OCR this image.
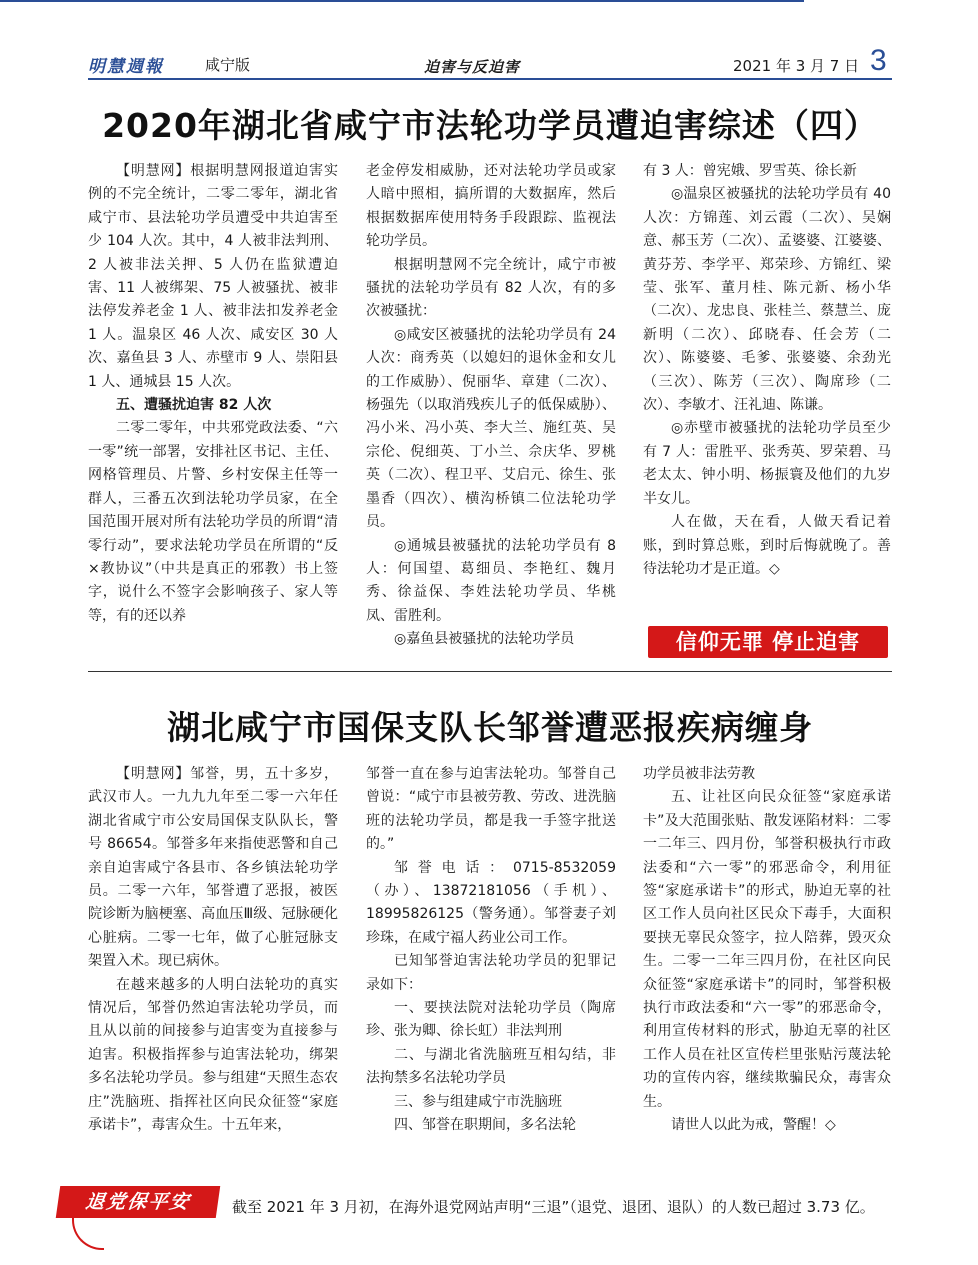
明慧週報	咸宁版	迫害与反迫害	2021 年 3 月 7 日 3
2020年湖北省咸宁市法轮功学员遭迫害综述（四）

【明慧网】根据明慧网报道迫害实例的不完全统计，二零二零年，湖北省咸宁市、县法轮功学员遭受中共迫害至少 104 人次。其中，4 人被非法判刑、2 人被非法关押、5 人仍在监狱遭迫害、11 人被绑架、75 人被骚扰、被非法停发养老金 1 人、被非法扣发养老金 1 人。温泉区 46 人次、咸安区 30 人次、嘉鱼县 3 人、赤壁市 9 人、崇阳县 1 人、通城县 15 人次。

五、遭骚扰迫害 82 人次

二零二零年，中共邪党政法委、“六一零”统一部署，安排社区书记、主任、网格管理员、片警、乡村安保主任等一群人，三番五次到法轮功学员家，在全国范围开展对所有法轮功学员的所谓“清零行动”，要求法轮功学员在所谓的“反×教协议”（中共是真正的邪教）书上签字，说什么不签字会影响孩子、家人等等，有的还以养

老金停发相威胁，还对法轮功学员或家人暗中照相，搞所谓的大数据库，然后根据数据库使用特务手段跟踪、监视法轮功学员。

根据明慧网不完全统计，咸宁市被骚扰的法轮功学员有 82 人次，有的多次被骚扰：

◎咸安区被骚扰的法轮功学员有 24 人次：商秀英（以媳妇的退休金和女儿的工作威胁）、倪丽华、章建（二次）、杨强先（以取消残疾儿子的低保威胁）、冯小米、冯小英、李大兰、施红英、吴宗伦、倪细英、丁小兰、佘庆华、罗桃英（二次）、程卫平、艾启元、徐生、张墨香（四次）、横沟桥镇二位法轮功学员。

◎通城县被骚扰的法轮功学员有 8 人：何国望、葛细员、李艳红、魏月秀、徐益保、李姓法轮功学员、华桃凤、雷胜利。

◎嘉鱼县被骚扰的法轮功学员

有 3 人：曾宪娥、罗雪英、徐长新

◎温泉区被骚扰的法轮功学员有 40 人次：方锦莲、刘云霞（二次）、吴娴意、郝玉芳（二次）、孟婆婆、江婆婆、黄芬芳、李学平、郑荣珍、方锦红、梁莹、张军、董月桂、陈元新、杨小华（二次）、龙忠良、张桂兰、蔡慧兰、庞新明（二次）、邱晓春、任会芳（二次）、陈婆婆、毛爹、张婆婆、余劲光（三次）、陈芳（三次）、陶席珍（二次）、李敏才、汪礼迪、陈谦。

◎赤壁市被骚扰的法轮功学员至少有 7 人：雷胜平、张秀英、罗荣碧、马老太太、钟小明、杨振寰及他们的九岁半女儿。

人在做，天在看，人做天看记着账，到时算总账，到时后悔就晚了。善待法轮功才是正道。◇

信仰无罪 停止迫害
湖北咸宁市国保支队长邹誉遭恶报疾病缠身

【明慧网】邹誉，男，五十多岁，武汉市人。一九九九年至二零一六年任湖北省咸宁市公安局国保支队队长，警号 86654。邹誉多年来指使恶警和自己亲自迫害咸宁各县市、各乡镇法轮功学员。二零一六年，邹誉遭了恶报，被医院诊断为脑梗塞、高血压Ⅲ级、冠脉硬化心脏病。二零一七年，做了心脏冠脉支架置入术。现已病休。

在越来越多的人明白法轮功的真实情况后，邹誉仍然迫害法轮功学员，而且从以前的间接参与迫害变为直接参与迫害。积极指挥参与迫害法轮功，绑架多名法轮功学员。参与组建“天照生态农庄”洗脑班、指挥社区向民众征签“家庭承诺卡”，毒害众生。十五年来，

邹誉一直在参与迫害法轮功。邹誉自己曾说：“咸宁市县被劳教、劳改、进洗脑班的法轮功学员，都是我一手签字批送的。”

邹誉电话：0715-8532059（办）、13872181056（手机）、18995826125（警务通）。邹誉妻子刘珍珠，在咸宁福人药业公司工作。

已知邹誉迫害法轮功学员的犯罪记录如下：

一、要挟法院对法轮功学员（陶席珍、张为卿、徐长虹）非法判刑

二、与湖北省洗脑班互相勾结，非法拘禁多名法轮功学员

三、参与组建咸宁市洗脑班

四、邹誉在职期间，多名法轮

功学员被非法劳教

五、让社区向民众征签“家庭承诺卡”及大范围张贴、散发诬陷材料：二零一二年三、四月份，邹誉积极执行市政法委和“六一零”的邪恶命令，利用征签“家庭承诺卡”的形式，胁迫无辜的社区工作人员向社区民众下毒手，大面积要挟无辜民众签字，拉人陪葬，毁灭众生。二零一二年三四月份，在社区向民众征签“家庭承诺卡”的同时，邹誉积极执行市政法委和“六一零”的邪恶命令，利用宣传材料的形式，胁迫无辜的社区工作人员在社区宣传栏里张贴污蔑法轮功的宣传内容，继续欺骗民众，毒害众生。

请世人以此为戒，警醒！◇

退党保平安	截至 2021 年 3 月初，在海外退党网站声明“三退”（退党、退团、退队）的人数已超过 3.73 亿。
